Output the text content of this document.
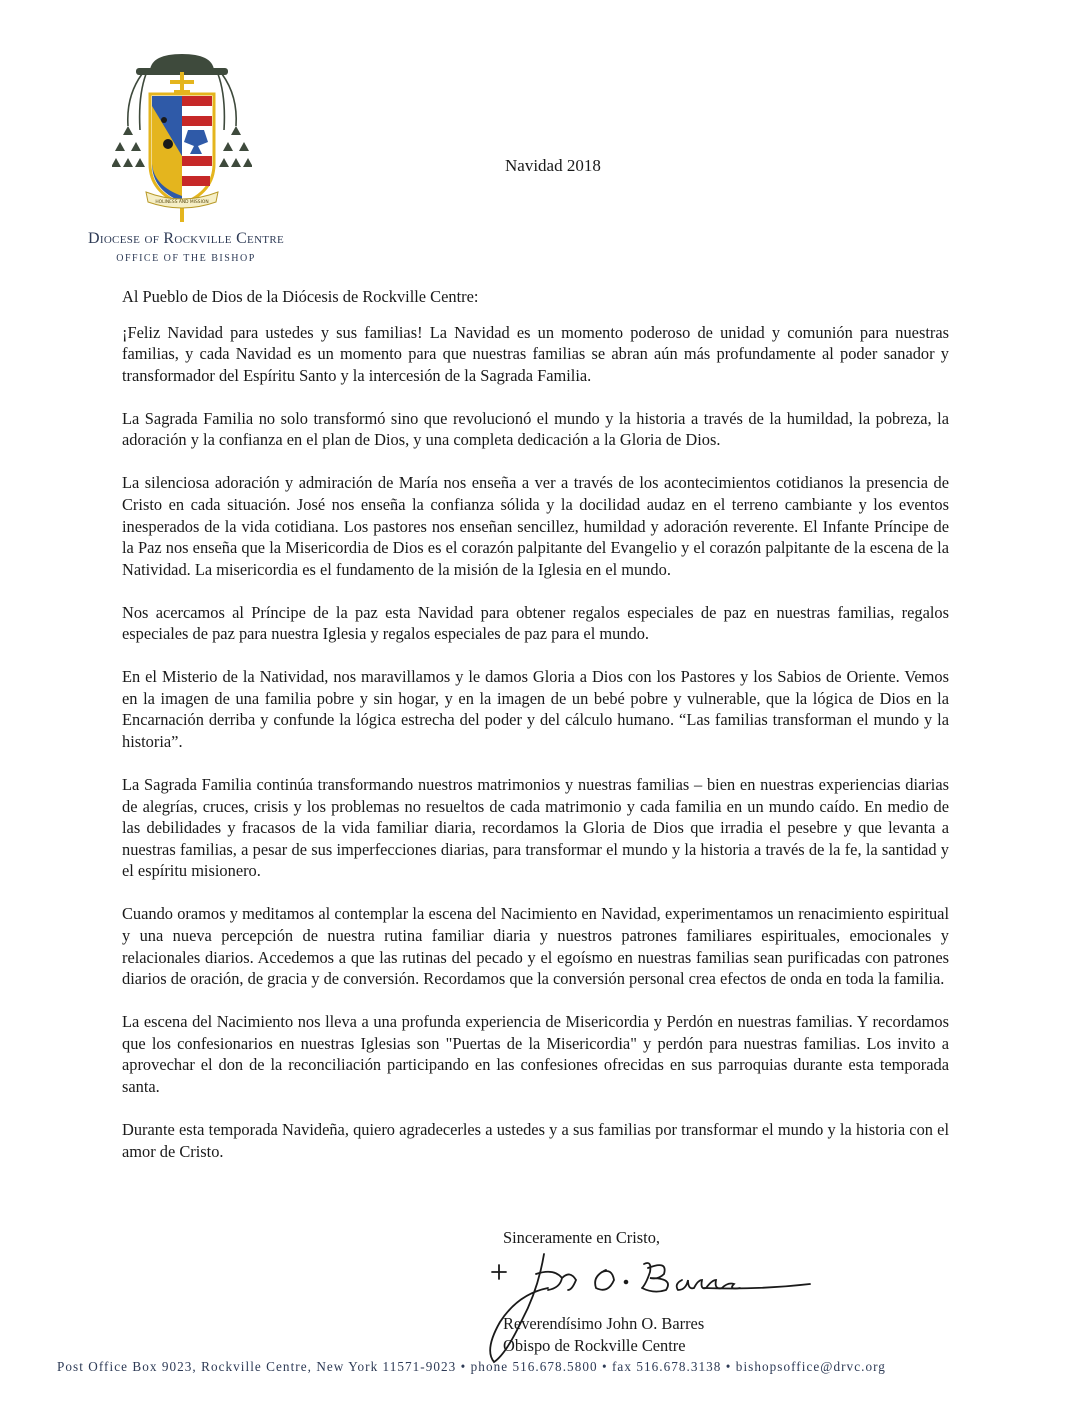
HOLINESS AND MISSION
Diocese of Rockville Centre
OFFICE OF THE BISHOP
Navidad 2018

Al Pueblo de Dios de la Diócesis de Rockville Centre:

¡Feliz Navidad para ustedes y sus familias! La Navidad es un momento poderoso de unidad y comunión para nuestras familias, y cada Navidad es un momento para que nuestras familias se abran aún más profundamente al poder sanador y transformador del Espíritu Santo y la intercesión de la Sagrada Familia.

La Sagrada Familia no solo transformó sino que revolucionó el mundo y la historia a través de la humildad, la pobreza, la adoración y la confianza en el plan de Dios, y una completa dedicación a la Gloria de Dios.

La silenciosa adoración y admiración de María nos enseña a ver a través de los acontecimientos cotidianos la presencia de Cristo en cada situación. José nos enseña la confianza sólida y la docilidad audaz en el terreno cambiante y los eventos inesperados de la vida cotidiana. Los pastores nos enseñan sencillez, humildad y adoración reverente. El Infante Príncipe de la Paz nos enseña que la Misericordia de Dios es el corazón palpitante del Evangelio y el corazón palpitante de la escena de la Natividad. La misericordia es el fundamento de la misión de la Iglesia en el mundo.

Nos acercamos al Príncipe de la paz esta Navidad para obtener regalos especiales de paz en nuestras familias, regalos especiales de paz para nuestra Iglesia y regalos especiales de paz para el mundo.

En el Misterio de la Natividad, nos maravillamos y le damos Gloria a Dios con los Pastores y los Sabios de Oriente. Vemos en la imagen de una familia pobre y sin hogar, y en la imagen de un bebé pobre y vulnerable, que la lógica de Dios en la Encarnación derriba y confunde la lógica estrecha del poder y del cálculo humano. “Las familias transforman el mundo y la historia”.

La Sagrada Familia continúa transformando nuestros matrimonios y nuestras familias – bien en nuestras experiencias diarias de alegrías, cruces, crisis y los problemas no resueltos de cada matrimonio y cada familia en un mundo caído. En medio de las debilidades y fracasos de la vida familiar diaria, recordamos la Gloria de Dios que irradia el pesebre y que levanta a nuestras familias, a pesar de sus imperfecciones diarias, para transformar el mundo y la historia a través de la fe, la santidad y el espíritu misionero.

Cuando oramos y meditamos al contemplar la escena del Nacimiento en Navidad, experimentamos un renacimiento espiritual y una nueva percepción de nuestra rutina familiar diaria y nuestros patrones familiares espirituales, emocionales y relacionales diarios. Accedemos a que las rutinas del pecado y el egoísmo en nuestras familias sean purificadas con patrones diarios de oración, de gracia y de conversión. Recordamos que la conversión personal crea efectos de onda en toda la familia.

La escena del Nacimiento nos lleva a una profunda experiencia de Misericordia y Perdón en nuestras familias. Y recordamos que los confesionarios en nuestras Iglesias son "Puertas de la Misericordia" y perdón para nuestras familias. Los invito a aprovechar el don de la reconciliación participando en las confesiones ofrecidas en sus parroquias durante esta temporada santa.

Durante esta temporada Navideña, quiero agradecerles a ustedes y a sus familias por transformar el mundo y la historia con el amor de Cristo.

Sinceramente en Cristo,
Reverendísimo John O. Barres
Obispo de Rockville Centre
Post Office Box 9023, Rockville Centre, New York 11571-9023 • phone 516.678.5800 • fax 516.678.3138 • bishopsoffice@drvc.org
